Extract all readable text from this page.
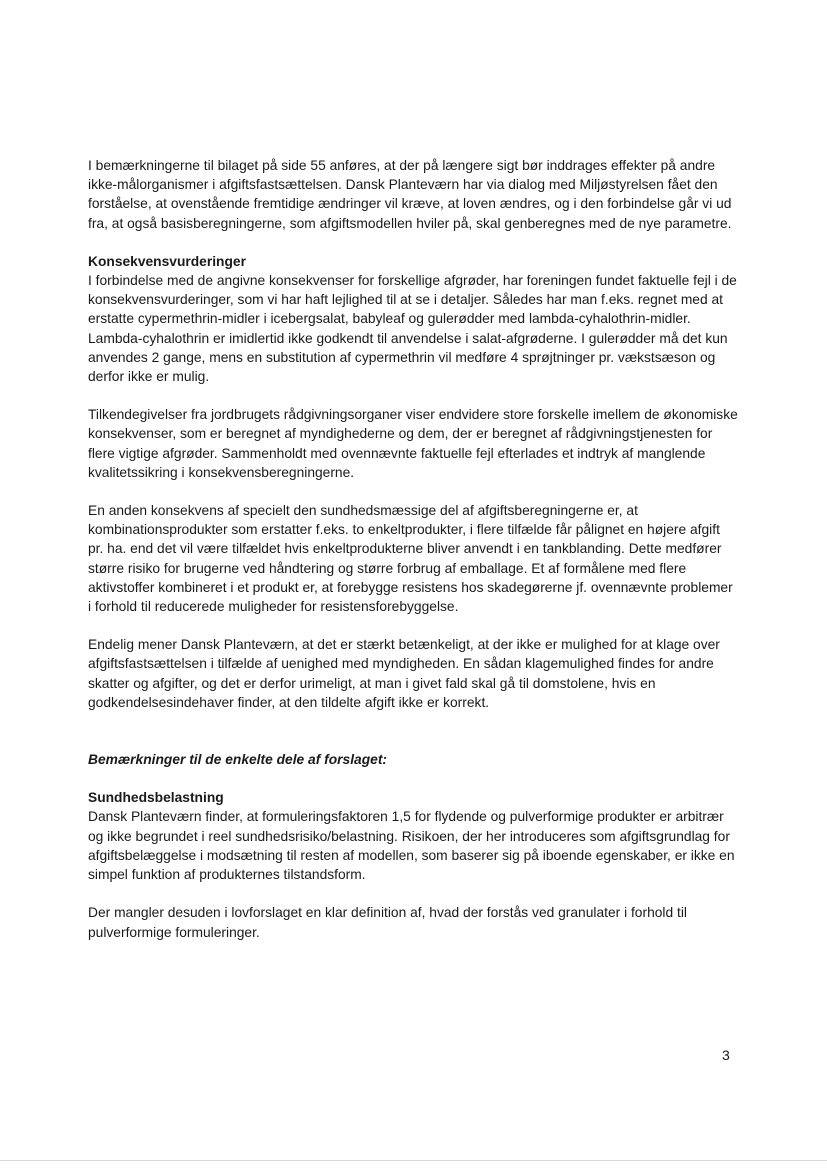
I bemærkningerne til bilaget på side 55 anføres, at der på længere sigt bør inddrages effekter på andre ikke-målorganismer i afgiftsfastsættelsen. Dansk Planteværn har via dialog med Miljøstyrelsen fået den forståelse, at ovenstående fremtidige ændringer vil kræve, at loven ændres, og i den forbindelse går vi ud fra, at også basisberegningerne, som afgiftsmodellen hviler på, skal genberegnes med de nye parametre.

Konsekvensvurderinger

I forbindelse med de angivne konsekvenser for forskellige afgrøder, har foreningen fundet faktuelle fejl i de konsekvensvurderinger, som vi har haft lejlighed til at se i detaljer. Således har man f.eks. regnet med at erstatte cypermethrin-midler i icebergsalat, babyleaf og gulerødder med lambda-cyhalothrin-midler. Lambda-cyhalothrin er imidlertid ikke godkendt til anvendelse i salat-afgrøderne. I gulerødder må det kun anvendes 2 gange, mens en substitution af cypermethrin vil medføre 4 sprøjtninger pr. vækstsæson og derfor ikke er mulig.

Tilkendegivelser fra jordbrugets rådgivningsorganer viser endvidere store forskelle imellem de økonomiske konsekvenser, som er beregnet af myndighederne og dem, der er beregnet af rådgivningstjenesten for flere vigtige afgrøder. Sammenholdt med ovennævnte faktuelle fejl efterlades et indtryk af manglende kvalitetssikring i konsekvensberegningerne.

En anden konsekvens af specielt den sundhedsmæssige del af afgiftsberegningerne er, at kombinationsprodukter som erstatter f.eks. to enkeltprodukter, i flere tilfælde får pålignet en højere afgift pr. ha. end det vil være tilfældet hvis enkeltprodukterne bliver anvendt i en tankblanding. Dette medfører større risiko for brugerne ved håndtering og større forbrug af emballage. Et af formålene med flere aktivstoffer kombineret i et produkt er, at forebygge resistens hos skadegørerne jf. ovennævnte problemer i forhold til reducerede muligheder for resistensforebyggelse.

Endelig mener Dansk Planteværn, at det er stærkt betænkeligt, at der ikke er mulighed for at klage over afgiftsfastsættelsen i tilfælde af uenighed med myndigheden. En sådan klagemulighed findes for andre skatter og afgifter, og det er derfor urimeligt, at man i givet fald skal gå til domstolene, hvis en godkendelsesindehaver finder, at den tildelte afgift ikke er korrekt.

Bemærkninger til de enkelte dele af forslaget:

Sundhedsbelastning

Dansk Planteværn finder, at formuleringsfaktoren 1,5 for flydende og pulverformige produkter er arbitrær og ikke begrundet i reel sundhedsrisiko/belastning. Risikoen, der her introduceres som afgiftsgrundlag for afgiftsbelæggelse i modsætning til resten af modellen, som baserer sig på iboende egenskaber, er ikke en simpel funktion af produkternes tilstandsform.

Der mangler desuden i lovforslaget en klar definition af, hvad der forstås ved granulater i forhold til pulverformige formuleringer.

3
